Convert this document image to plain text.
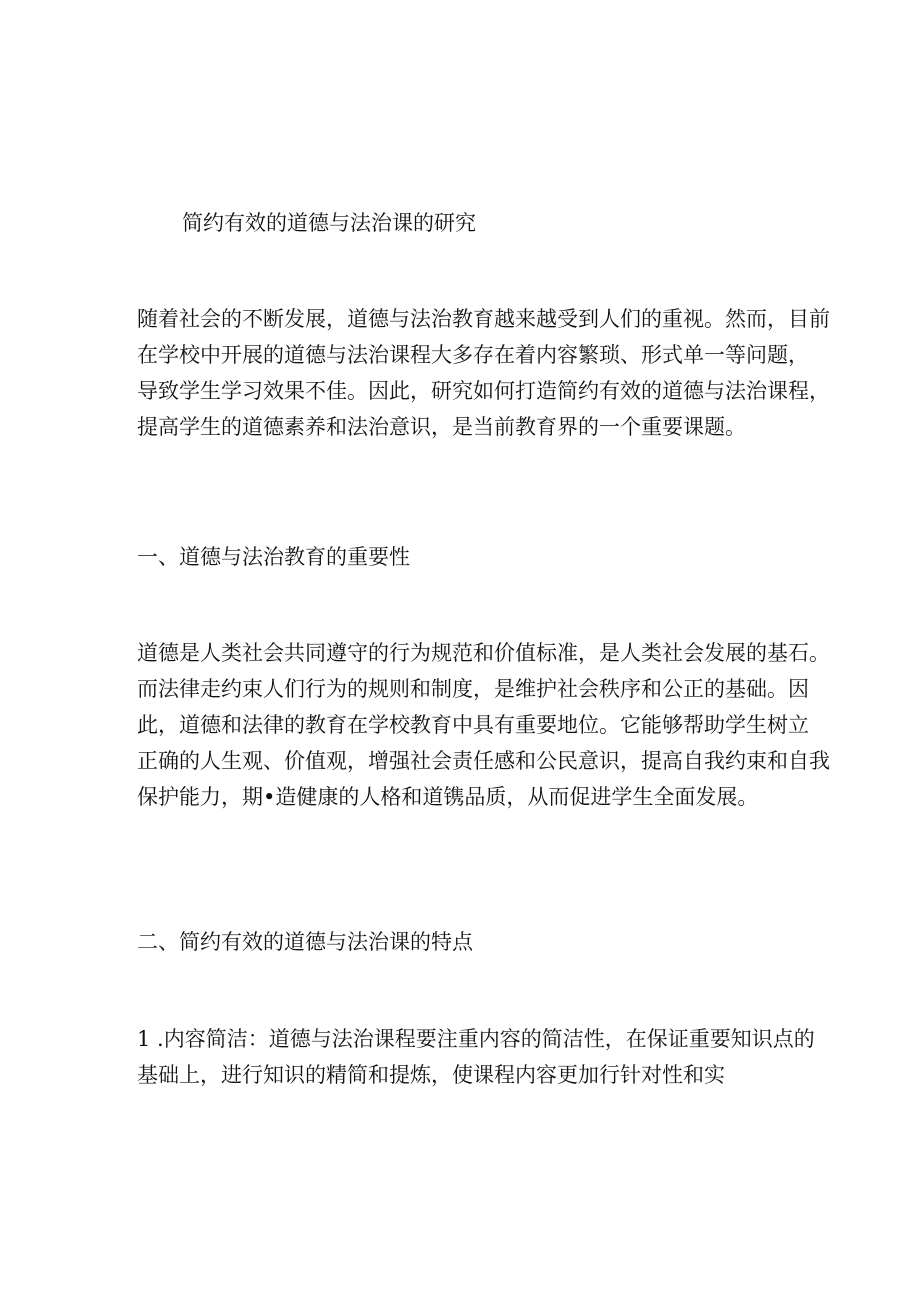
简约有效的道德与法治课的研究
随着社会的不断发展，道德与法治教育越来越受到人们的重视。然而，目前
在学校中开展的道德与法治课程大多存在着内容繁琐、形式单一等问题，
导致学生学习效果不佳。因此，研究如何打造简约有效的道德与法治课程，
提高学生的道德素养和法治意识，是当前教育界的一个重要课题。
一、道德与法治教育的重要性
道德是人类社会共同遵守的行为规范和价值标准，是人类社会发展的基石。
而法律走约束人们行为的规则和制度，是维护社会秩序和公正的基础。因
此，道德和法律的教育在学校教育中具有重要地位。它能够帮助学生树立
正确的人生观、价值观，增强社会责任感和公民意识，提高自我约束和自我
保护能力，期•造健康的人格和道镌品质，从而促进学生全面发展。
二、简约有效的道德与法治课的特点
1 .内容简洁：道德与法治课程要注重内容的简洁性，在保证重要知识点的
基础上，进行知识的精简和提炼，使课程内容更加行针对性和实
